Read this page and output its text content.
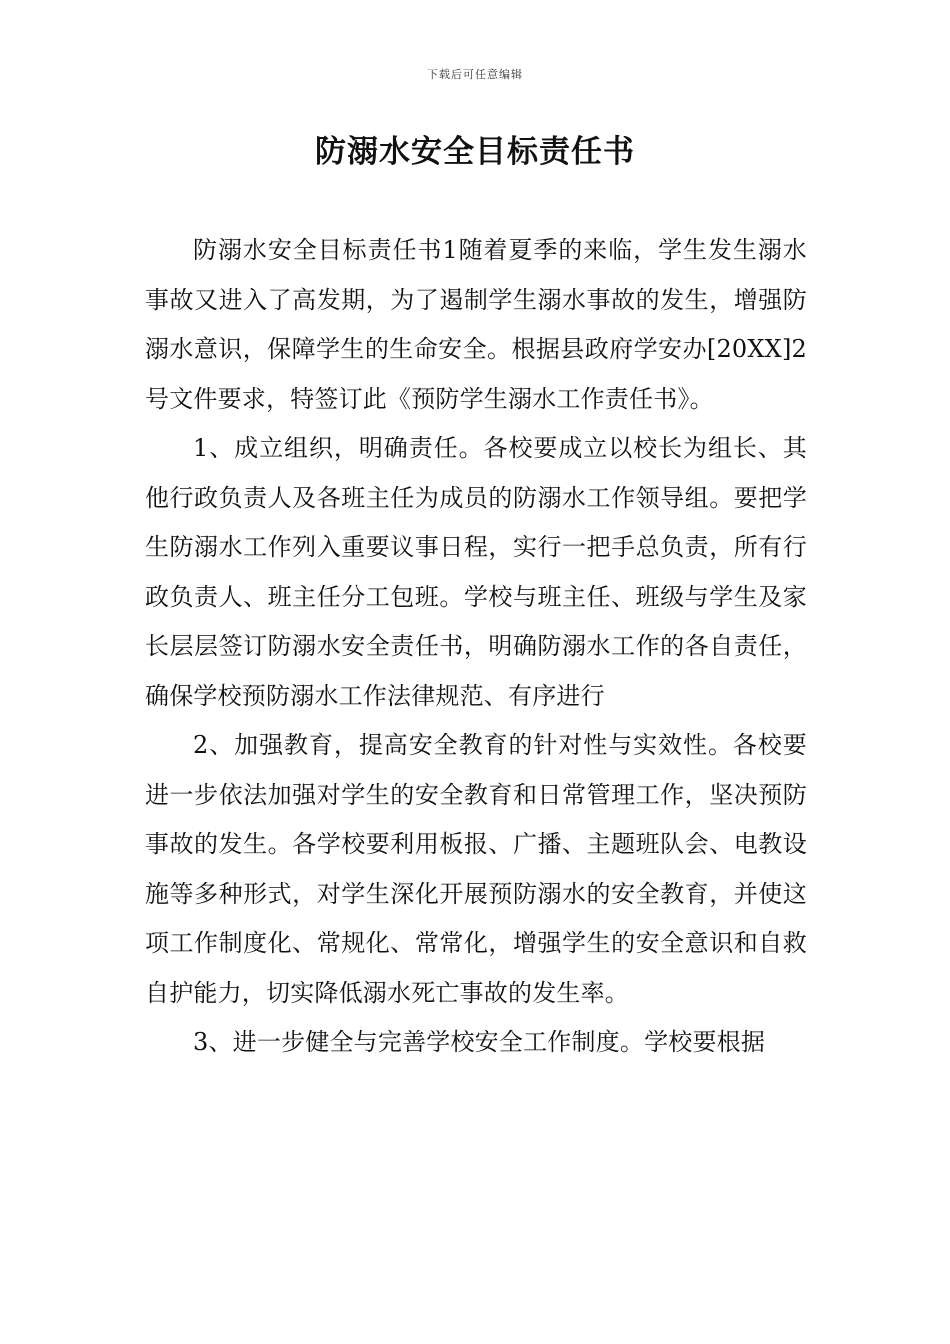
下载后可任意编辑
防溺水安全目标责任书

防溺水安全目标责任书1随着夏季的来临，学生发生溺水事故又进入了高发期，为了遏制学生溺水事故的发生，增强防溺水意识，保障学生的生命安全。根据县政府学安办[20XX]2号文件要求，特签订此《预防学生溺水工作责任书》。

1、成立组织，明确责任。各校要成立以校长为组长、其他行政负责人及各班主任为成员的防溺水工作领导组。要把学生防溺水工作列入重要议事日程，实行一把手总负责，所有行政负责人、班主任分工包班。学校与班主任、班级与学生及家长层层签订防溺水安全责任书，明确防溺水工作的各自责任，确保学校预防溺水工作法律规范、有序进行

2、加强教育，提高安全教育的针对性与实效性。各校要进一步依法加强对学生的安全教育和日常管理工作，坚决预防事故的发生。各学校要利用板报、广播、主题班队会、电教设施等多种形式，对学生深化开展预防溺水的安全教育，并使这项工作制度化、常规化、常常化，增强学生的安全意识和自救自护能力，切实降低溺水死亡事故的发生率。

3、进一步健全与完善学校安全工作制度。学校要根据
